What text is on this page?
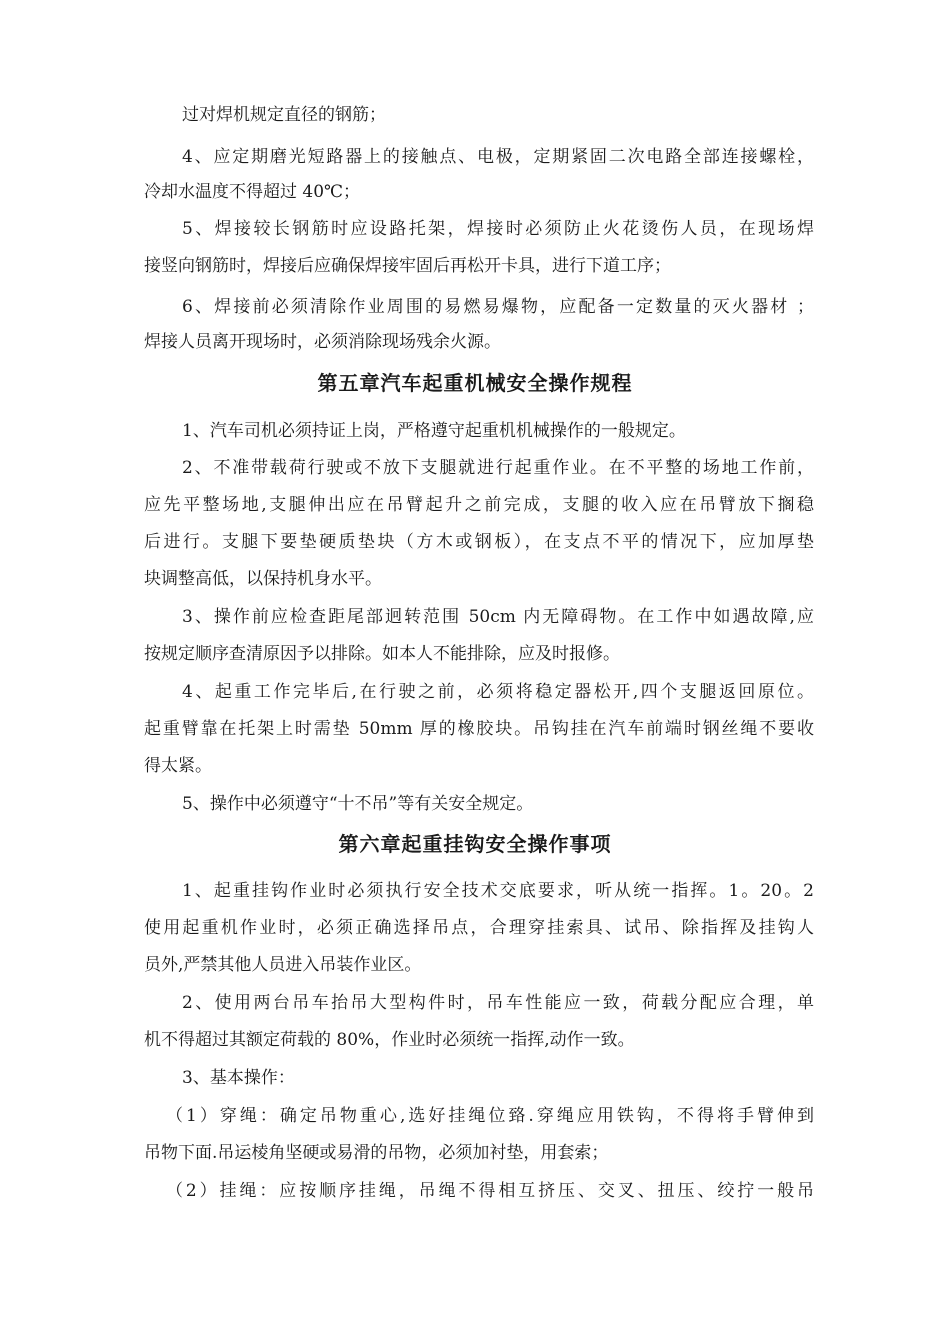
过对焊机规定直径的钢筋；
4、应定期磨光短路器上的接触点、电极，定期紧固二次电路全部连接螺栓，
冷却水温度不得超过 40℃；
5、焊接较长钢筋时应设路托架，焊接时必须防止火花烫伤人员，在现场焊
接竖向钢筋时，焊接后应确保焊接牢固后再松开卡具，进行下道工序；
6、焊接前必须清除作业周围的易燃易爆物，应配备一定数量的灭火器材 ；
焊接人员离开现场时，必须消除现场残余火源。
第五章汽车起重机械安全操作规程
1、汽车司机必须持证上岗，严格遵守起重机机械操作的一般规定。
2、不准带载荷行驶或不放下支腿就进行起重作业。在不平整的场地工作前，
应先平整场地,支腿伸出应在吊臂起升之前完成，支腿的收入应在吊臂放下搁稳
后进行。支腿下要垫硬质垫块（方木或钢板），在支点不平的情况下，应加厚垫
块调整高低，以保持机身水平。
3、操作前应检查距尾部迥转范围 50cm 内无障碍物。在工作中如遇故障,应
按规定顺序查清原因予以排除。如本人不能排除，应及时报修。
4、起重工作完毕后,在行驶之前，必须将稳定器松开,四个支腿返回原位。
起重臂靠在托架上时需垫 50mm 厚的橡胶块。吊钩挂在汽车前端时钢丝绳不要收
得太紧。
5、操作中必须遵守“十不吊”等有关安全规定。
第六章起重挂钩安全操作事项
1、起重挂钩作业时必须执行安全技术交底要求，听从统一指挥。1。20。2
使用起重机作业时，必须正确选择吊点，合理穿挂索具、试吊、除指挥及挂钩人
员外,严禁其他人员进入吊装作业区。
2、使用两台吊车抬吊大型构件时，吊车性能应一致，荷载分配应合理，单
机不得超过其额定荷载的 80%，作业时必须统一指挥,动作一致。
3、基本操作：
（1）穿绳：确定吊物重心,选好挂绳位臵.穿绳应用铁钩，不得将手臂伸到
吊物下面.吊运棱角坚硬或易滑的吊物，必须加衬垫，用套索；
（2）挂绳：应按顺序挂绳，吊绳不得相互挤压、交叉、扭压、绞拧一般吊
